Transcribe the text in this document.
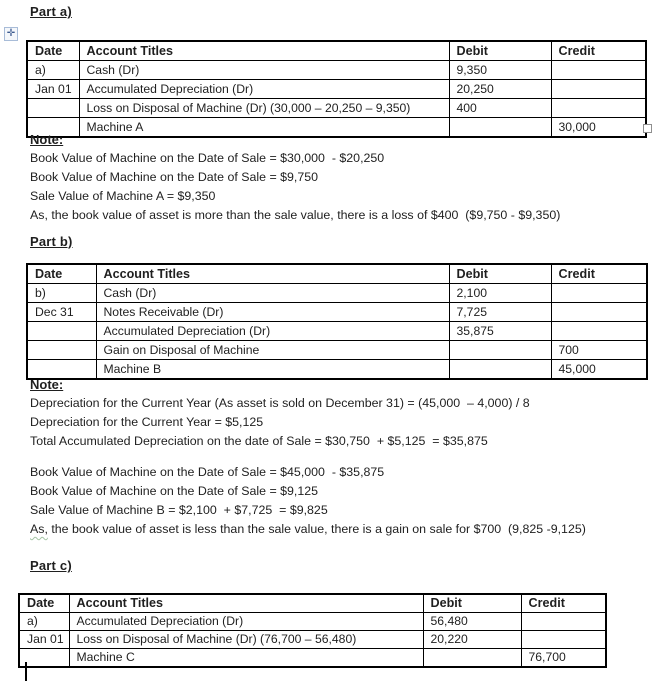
Part a)
✛
Date	Account Titles	Debit	Credit
a)	Cash (Dr)	9,350	
Jan 01	Accumulated Depreciation (Dr)	20,250	
	Loss on Disposal of Machine (Dr) (30,000 – 20,250 – 9,350)	400	
	Machine A		30,000
Note:
Book Value of Machine on the Date of Sale = $30,000  - $20,250
Book Value of Machine on the Date of Sale = $9,750
Sale Value of Machine A = $9,350
As, the book value of asset is more than the sale value, there is a loss of $400  ($9,750 - $9,350)
Part b)
Date	Account Titles	Debit	Credit
b)	Cash (Dr)	2,100	
Dec 31	Notes Receivable (Dr)	7,725	
	Accumulated Depreciation (Dr)	35,875	
	Gain on Disposal of Machine		700
	Machine B		45,000
Note:
Depreciation for the Current Year (As asset is sold on December 31) = (45,000  – 4,000) / 8
Depreciation for the Current Year = $5,125
Total Accumulated Depreciation on the date of Sale = $30,750  + $5,125  = $35,875
Book Value of Machine on the Date of Sale = $45,000  - $35,875
Book Value of Machine on the Date of Sale = $9,125
Sale Value of Machine B = $2,100  + $7,725  = $9,825
As, the book value of asset is less than the sale value, there is a gain on sale for $700  (9,825 -9,125)
Part c)
Date	Account Titles	Debit	Credit
a)	Accumulated Depreciation (Dr)	56,480	
Jan 01	Loss on Disposal of Machine (Dr) (76,700 – 56,480)	20,220	
	Machine C		76,700
